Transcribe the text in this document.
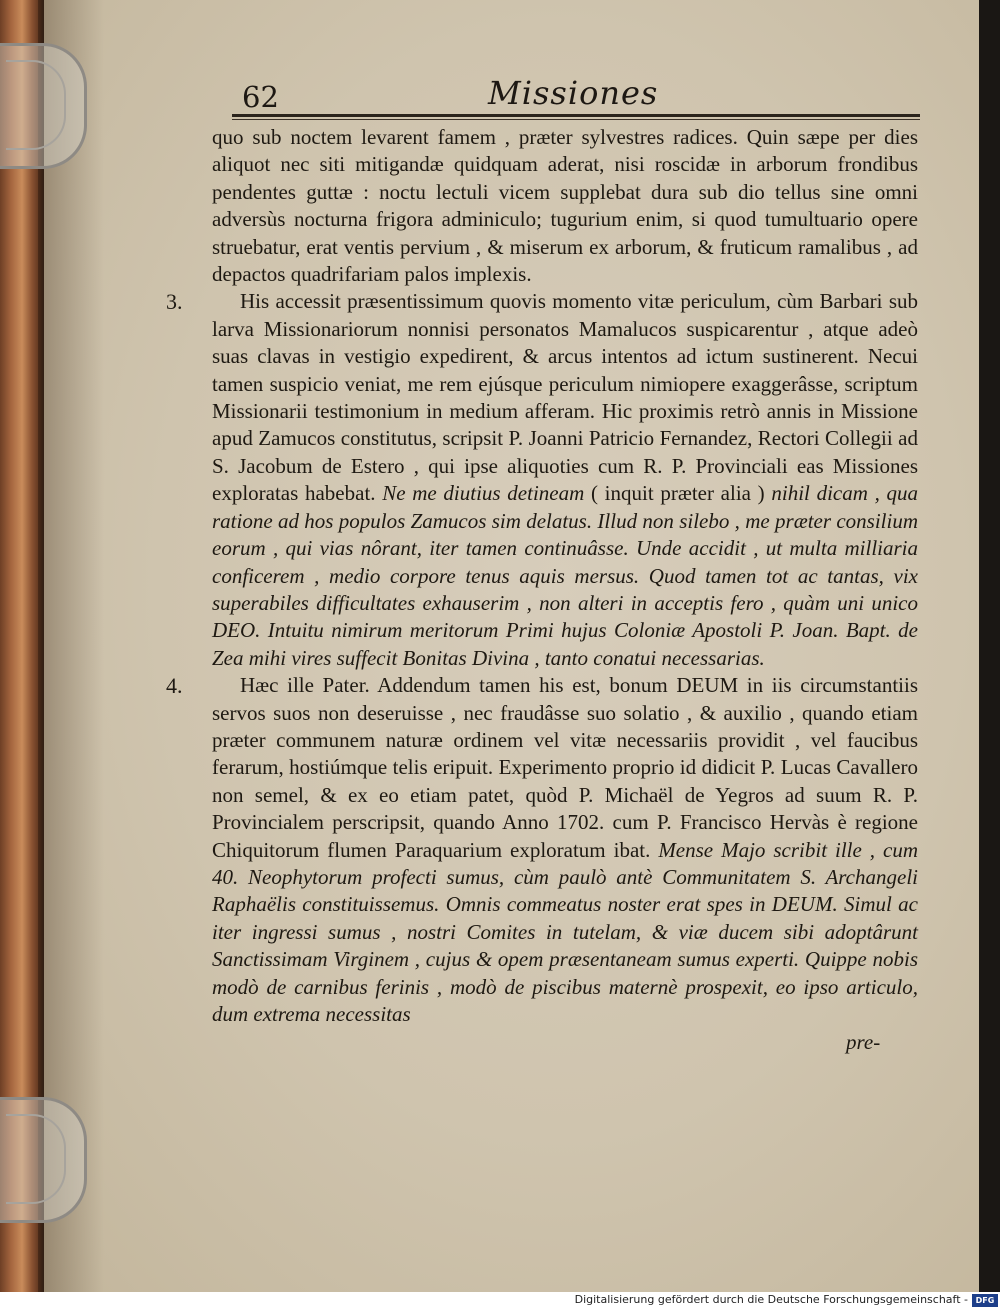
62	Missiones

quo sub noctem levarent famem , præter sylvestres radices. Quin sæpe per dies aliquot nec siti mitigandæ quidquam aderat, nisi roscidæ in arborum frondibus pendentes guttæ : noctu lectuli vicem supplebat dura sub dio tellus sine omni adversùs nocturna frigora adminiculo; tugurium enim, si quod tumultuario opere struebatur, erat ventis pervium , & miserum ex arborum, & fruticum ramalibus , ad depactos quadrifariam palos implexis.

3.	His accessit præsentissimum quovis momento vitæ periculum, cùm Barbari sub larva Missionariorum nonnisi personatos Mamalucos suspicarentur , atque adeò suas clavas in vestigio expedirent, & arcus intentos ad ictum sustinerent. Necui tamen suspicio veniat, me rem ejúsque periculum nimiopere exaggerâsse, scriptum Missionarii testimonium in medium afferam. Hic proximis retrò annis in Missione apud Zamucos constitutus, scripsit P. Joanni Patricio Fernandez, Rectori Collegii ad S. Jacobum de Estero , qui ipse aliquoties cum R. P. Provinciali eas Missiones exploratas habebat. Ne me diutius detineam ( inquit præter alia ) nihil dicam , qua ratione ad hos populos Zamucos sim delatus. Illud non silebo , me præter consilium eorum , qui vias nôrant, iter tamen continuâsse. Unde accidit , ut multa milliaria conficerem , medio corpore tenus aquis mersus. Quod tamen tot ac tantas, vix superabiles difficultates exhauserim , non alteri in acceptis fero , quàm uni unico DEO. Intuitu nimirum meritorum Primi hujus Coloniæ Apostoli P. Joan. Bapt. de Zea mihi vires suffecit Bonitas Divina , tanto conatui necessarias.

4.	Hæc ille Pater. Addendum tamen his est, bonum DEUM in iis circumstantiis servos suos non deseruisse , nec fraudâsse suo solatio , & auxilio , quando etiam præter communem naturæ ordinem vel vitæ necessariis providit , vel faucibus ferarum, hostiúmque telis eripuit. Experimento proprio id didicit P. Lucas Cavallero non semel, & ex eo etiam patet, quòd P. Michaël de Yegros ad suum R. P. Provincialem perscripsit, quando Anno 1702. cum P. Francisco Hervàs è regione Chiquitorum flumen Paraquarium exploratum ibat. Mense Majo scribit ille , cum 40. Neophytorum profecti sumus, cùm paulò antè Communitatem S. Archangeli Raphaëlis constituissemus. Omnis commeatus noster erat spes in DEUM. Simul ac iter ingressi sumus , nostri Comites in tutelam, & viæ ducem sibi adoptârunt Sanctissimam Virginem , cujus & opem præsentaneam sumus experti. Quippe nobis modò de carnibus ferinis , modò de piscibus maternè prospexit, eo ipso articulo, dum extrema necessitas

pre-
Digitalisierung gefördert durch die Deutsche Forschungsgemeinschaft - DFG
